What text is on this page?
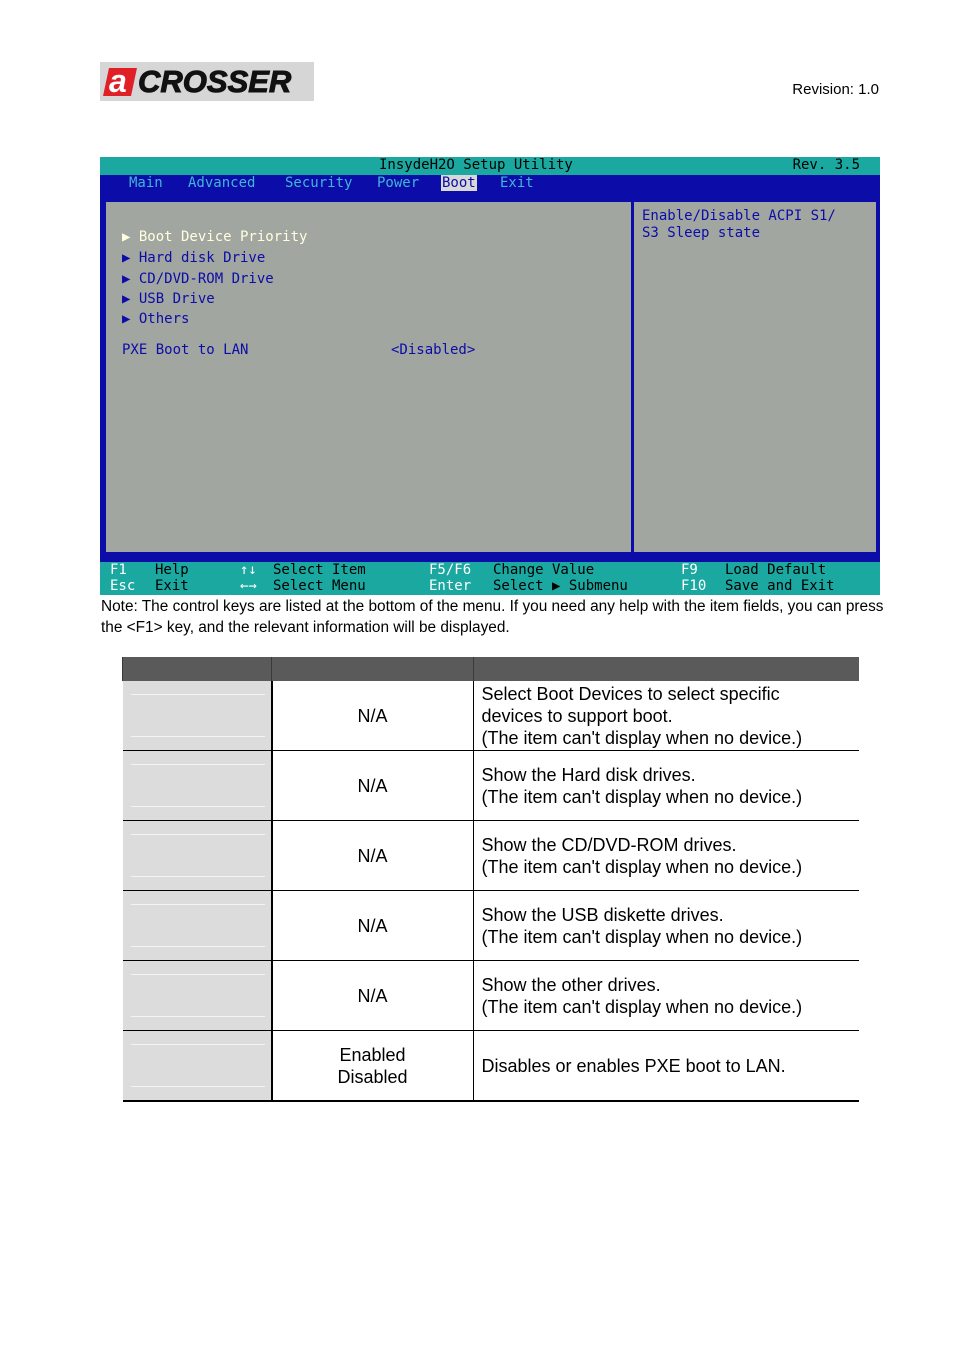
a CROSSER	Revision: 1.0
InsydeH2O Setup Utility	Rev. 3.5
Main Advanced Security Power Boot Exit
▶ Boot Device Priority
▶ Hard disk Drive
▶ CD/DVD-ROM Drive
▶ USB Drive
▶ Others
PXE Boot to LAN	<Disabled>
Enable/Disable ACPI S1/
S3 Sleep state
F1 Help
Esc Exit
↑↓ Select Item
←→ Select Menu
F5/F6 Change Value
Enter Select ▶ Submenu
F9 Load Default
F10 Save and Exit
Note: The control keys are listed at the bottom of the menu. If you need any help with the item fields, you can press the <F1> key, and the relevant information will be displayed.

	N/A	Select Boot Devices to select specific
devices to support boot.
(The item can't display when no device.)

	N/A	Show the Hard disk drives.
(The item can't display when no device.)

	N/A	Show the CD/DVD-ROM drives.
(The item can't display when no device.)

	N/A	Show the USB diskette drives.
(The item can't display when no device.)

	N/A	Show the other drives.
(The item can't display when no device.)

	Enabled
Disabled	Disables or enables PXE boot to LAN.
